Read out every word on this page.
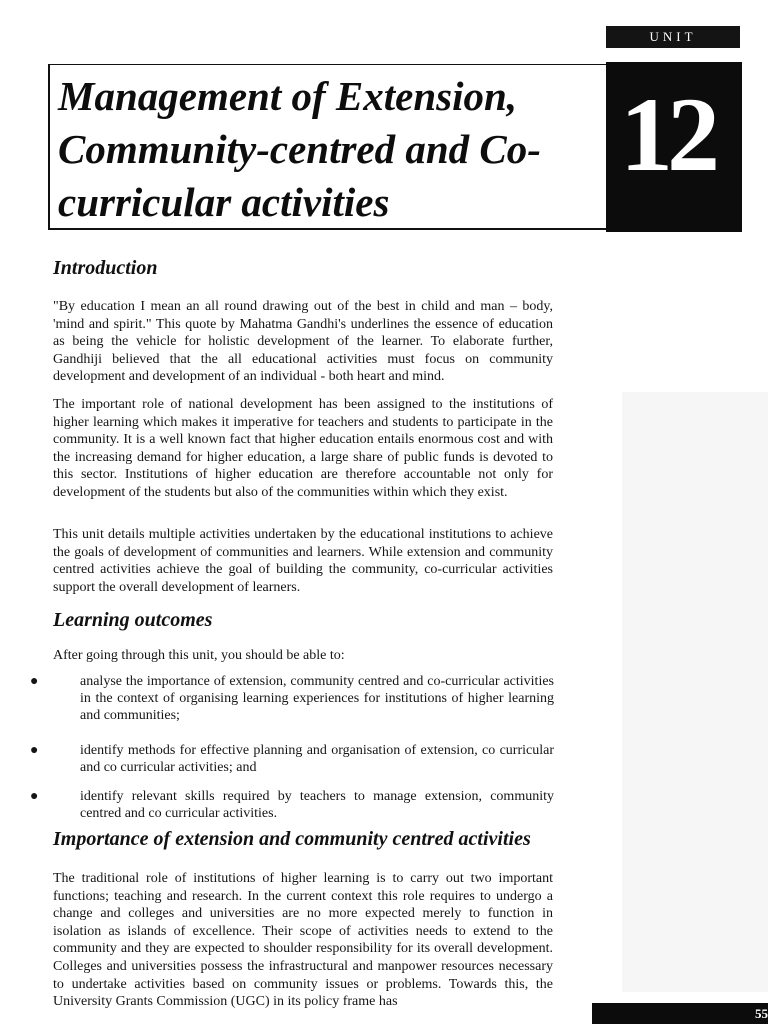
UNIT
Management of Extension, Community-centred and Co-curricular activities
12
Introduction

"By education I mean an all round drawing out of the best in child and man – body, 'mind and spirit." This quote by Mahatma Gandhi's underlines the essence of education as being the vehicle for holistic development of the learner. To elaborate further, Gandhiji believed that the all educational activities must focus on community development and development of an individual - both heart and mind.

The important role of national development has been assigned to the institutions of higher learning which makes it imperative for teachers and students to participate in the community. It is a well known fact that higher education entails enormous cost and with the increasing demand for higher education, a large share of public funds is devoted to this sector. Institutions of higher education are therefore accountable not only for development of the students but also of the communities within which they exist.

This unit details multiple activities undertaken by the educational institutions to achieve the goals of development of communities and learners. While extension and community centred activities achieve the goal of building the community, co-curricular activities support the overall development of learners.

Learning outcomes

After going through this unit, you should be able to:

●	analyse the importance of extension, community centred and co-curricular activities in the context of organising learning experiences for institutions of higher learning and communities;
●	identify methods for effective planning and organisation of extension, co curricular and co curricular activities; and
●	identify relevant skills required by teachers to manage extension, community centred and co curricular activities.
Importance of extension and community centred activities

The traditional role of institutions of higher learning is to carry out two important functions; teaching and research. In the current context this role requires to undergo a change and colleges and universities are no more expected merely to function in isolation as islands of excellence. Their scope of activities needs to extend to the community and they are expected to shoulder responsibility for its overall development. Colleges and universities possess the infrastructural and manpower resources necessary to undertake activities based on community issues or problems. Towards this, the University Grants Commission (UGC) in its policy frame has

55
